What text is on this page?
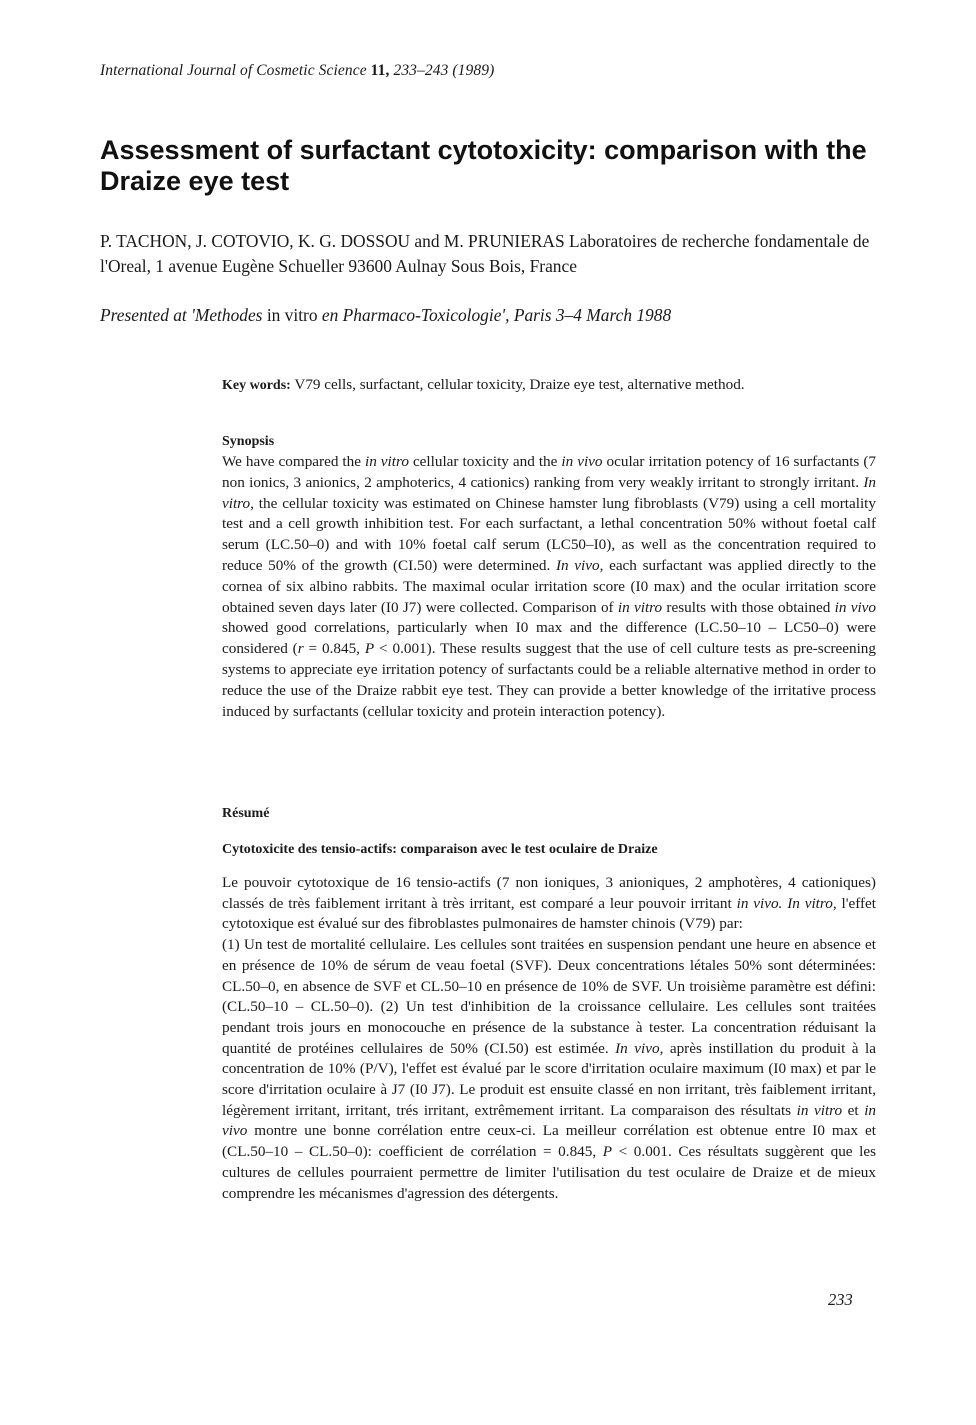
International Journal of Cosmetic Science 11, 233–243 (1989)
Assessment of surfactant cytotoxicity: comparison with the Draize eye test
P. TACHON, J. COTOVIO, K. G. DOSSOU and M. PRUNIERAS Laboratoires de recherche fondamentale de l'Oreal, 1 avenue Eugène Schueller 93600 Aulnay Sous Bois, France
Presented at 'Methodes in vitro en Pharmaco-Toxicologie', Paris 3–4 March 1988
Key words: V79 cells, surfactant, cellular toxicity, Draize eye test, alternative method.
Synopsis
We have compared the in vitro cellular toxicity and the in vivo ocular irritation potency of 16 surfactants (7 non ionics, 3 anionics, 2 amphoterics, 4 cationics) ranking from very weakly irritant to strongly irritant. In vitro, the cellular toxicity was estimated on Chinese hamster lung fibroblasts (V79) using a cell mortality test and a cell growth inhibition test. For each surfactant, a lethal concentration 50% without foetal calf serum (LC.50–0) and with 10% foetal calf serum (LC50–I0), as well as the concentration required to reduce 50% of the growth (CI.50) were determined. In vivo, each surfactant was applied directly to the cornea of six albino rabbits. The maximal ocular irritation score (I0 max) and the ocular irritation score obtained seven days later (I0 J7) were collected. Comparison of in vitro results with those obtained in vivo showed good correlations, particularly when I0 max and the difference (LC.50–10 – LC50–0) were considered (r = 0.845, P < 0.001). These results suggest that the use of cell culture tests as pre-screening systems to appreciate eye irritation potency of surfactants could be a reliable alternative method in order to reduce the use of the Draize rabbit eye test. They can provide a better knowledge of the irritative process induced by surfactants (cellular toxicity and protein interaction potency).
Résumé
Cytotoxicite des tensio-actifs: comparaison avec le test oculaire de Draize
Le pouvoir cytotoxique de 16 tensio-actifs (7 non ioniques, 3 anioniques, 2 amphotères, 4 cationiques) classés de très faiblement irritant à très irritant, est comparé a leur pouvoir irritant in vivo. In vitro, l'effet cytotoxique est évalué sur des fibroblastes pulmonaires de hamster chinois (V79) par:
(1) Un test de mortalité cellulaire. Les cellules sont traitées en suspension pendant une heure en absence et en présence de 10% de sérum de veau foetal (SVF). Deux concentrations létales 50% sont déterminées: CL.50–0, en absence de SVF et CL.50–10 en présence de 10% de SVF. Un troisième paramètre est défini: (CL.50–10 – CL.50–0). (2) Un test d'inhibition de la croissance cellulaire. Les cellules sont traitées pendant trois jours en monocouche en présence de la substance à tester. La concentration réduisant la quantité de protéines cellulaires de 50% (CI.50) est estimée. In vivo, après instillation du produit à la concentration de 10% (P/V), l'effet est évalué par le score d'irritation oculaire maximum (I0 max) et par le score d'irritation oculaire à J7 (I0 J7). Le produit est ensuite classé en non irritant, très faiblement irritant, légèrement irritant, irritant, trés irritant, extrêmement irritant. La comparaison des résultats in vitro et in vivo montre une bonne corrélation entre ceux-ci. La meilleur corrélation est obtenue entre I0 max et (CL.50–10 – CL.50–0): coefficient de corrélation = 0.845, P < 0.001. Ces résultats suggèrent que les cultures de cellules pourraient permettre de limiter l'utilisation du test oculaire de Draize et de mieux comprendre les mécanismes d'agression des détergents.
233
